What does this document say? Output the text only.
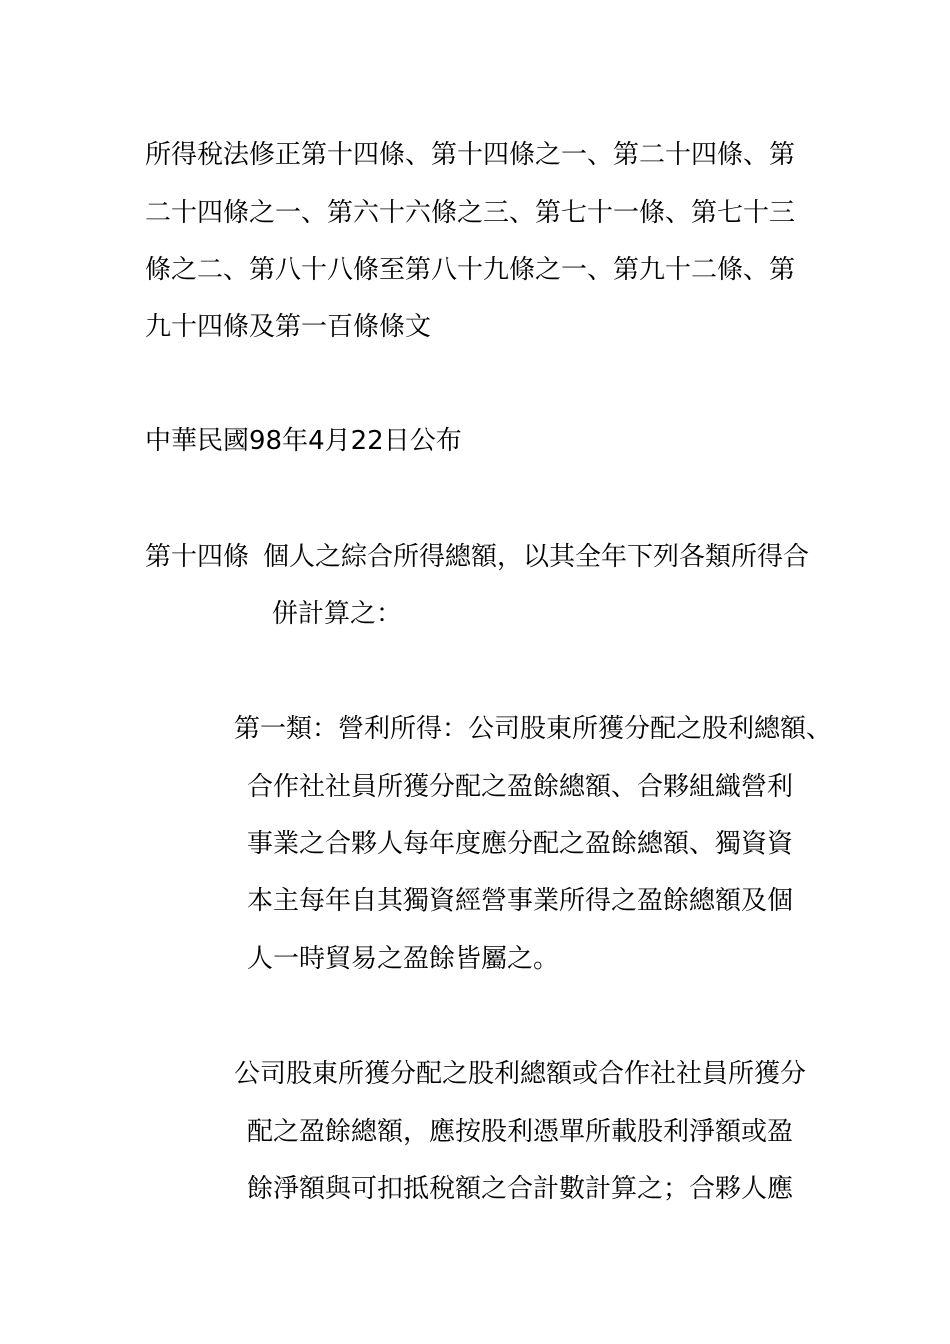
所得稅法修正第十四條、第十四條之一、第二十四條、第
二十四條之一、第六十六條之三、第七十一條、第七十三
條之二、第八十八條至第八十九條之一、第九十二條、第
九十四條及第一百條條文
中華民國98年4月22日公布
第十四條 個人之綜合所得總額，以其全年下列各類所得合
併計算之：
第一類：營利所得：公司股東所獲分配之股利總額、
合作社社員所獲分配之盈餘總額、合夥組織營利
事業之合夥人每年度應分配之盈餘總額、獨資資
本主每年自其獨資經營事業所得之盈餘總額及個
人一時貿易之盈餘皆屬之。
公司股東所獲分配之股利總額或合作社社員所獲分
配之盈餘總額，應按股利憑單所載股利淨額或盈
餘淨額與可扣抵稅額之合計數計算之；合夥人應
